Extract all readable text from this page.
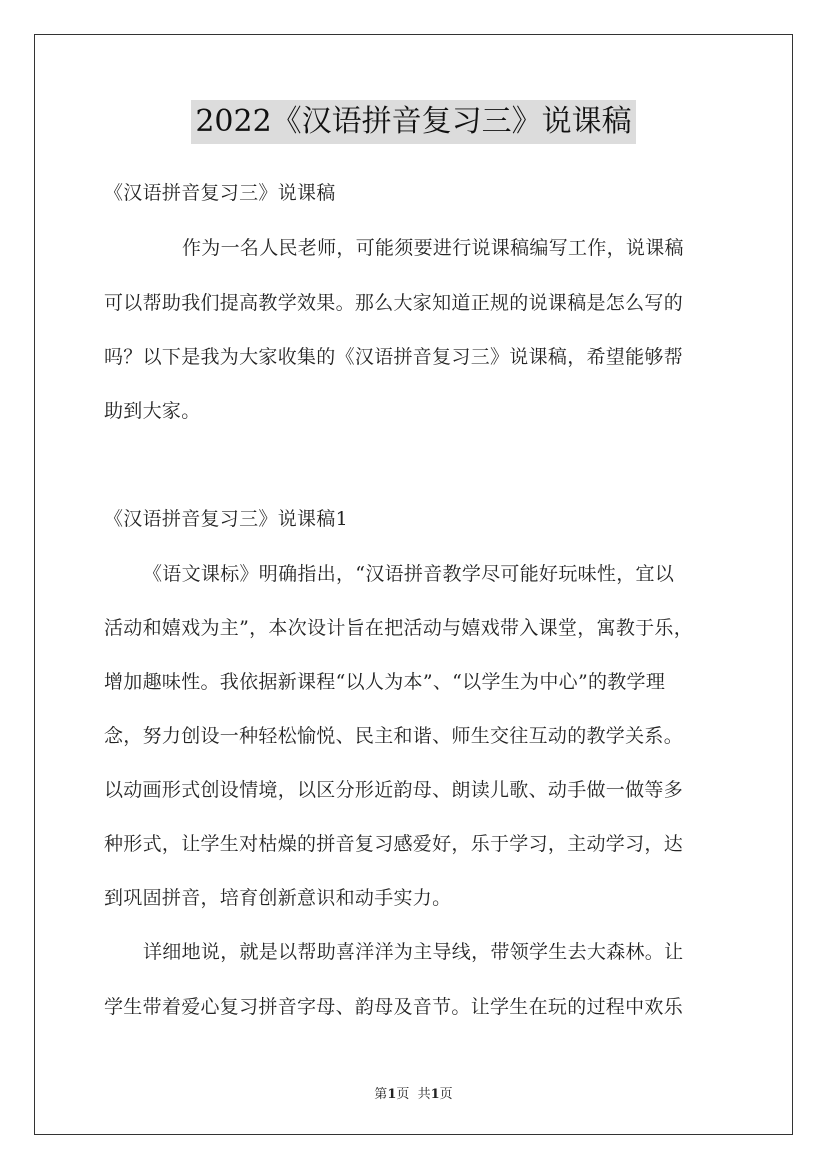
2022《汉语拼音复习三》说课稿
《汉语拼音复习三》说课稿
作为一名人民老师，可能须要进行说课稿编写工作，说课稿
可以帮助我们提高教学效果。那么大家知道正规的说课稿是怎么写的
吗？以下是我为大家收集的《汉语拼音复习三》说课稿，希望能够帮
助到大家。
《汉语拼音复习三》说课稿1
《语文课标》明确指出，“汉语拼音教学尽可能好玩味性，宜以
活动和嬉戏为主”，本次设计旨在把活动与嬉戏带入课堂，寓教于乐，
增加趣味性。我依据新课程“以人为本”、“以学生为中心”的教学理
念，努力创设一种轻松愉悦、民主和谐、师生交往互动的教学关系。
以动画形式创设情境，以区分形近韵母、朗读儿歌、动手做一做等多
种形式，让学生对枯燥的拼音复习感爱好，乐于学习，主动学习，达
到巩固拼音，培育创新意识和动手实力。
详细地说，就是以帮助喜洋洋为主导线，带领学生去大森林。让
学生带着爱心复习拼音字母、韵母及音节。让学生在玩的过程中欢乐
第1页  共1页
